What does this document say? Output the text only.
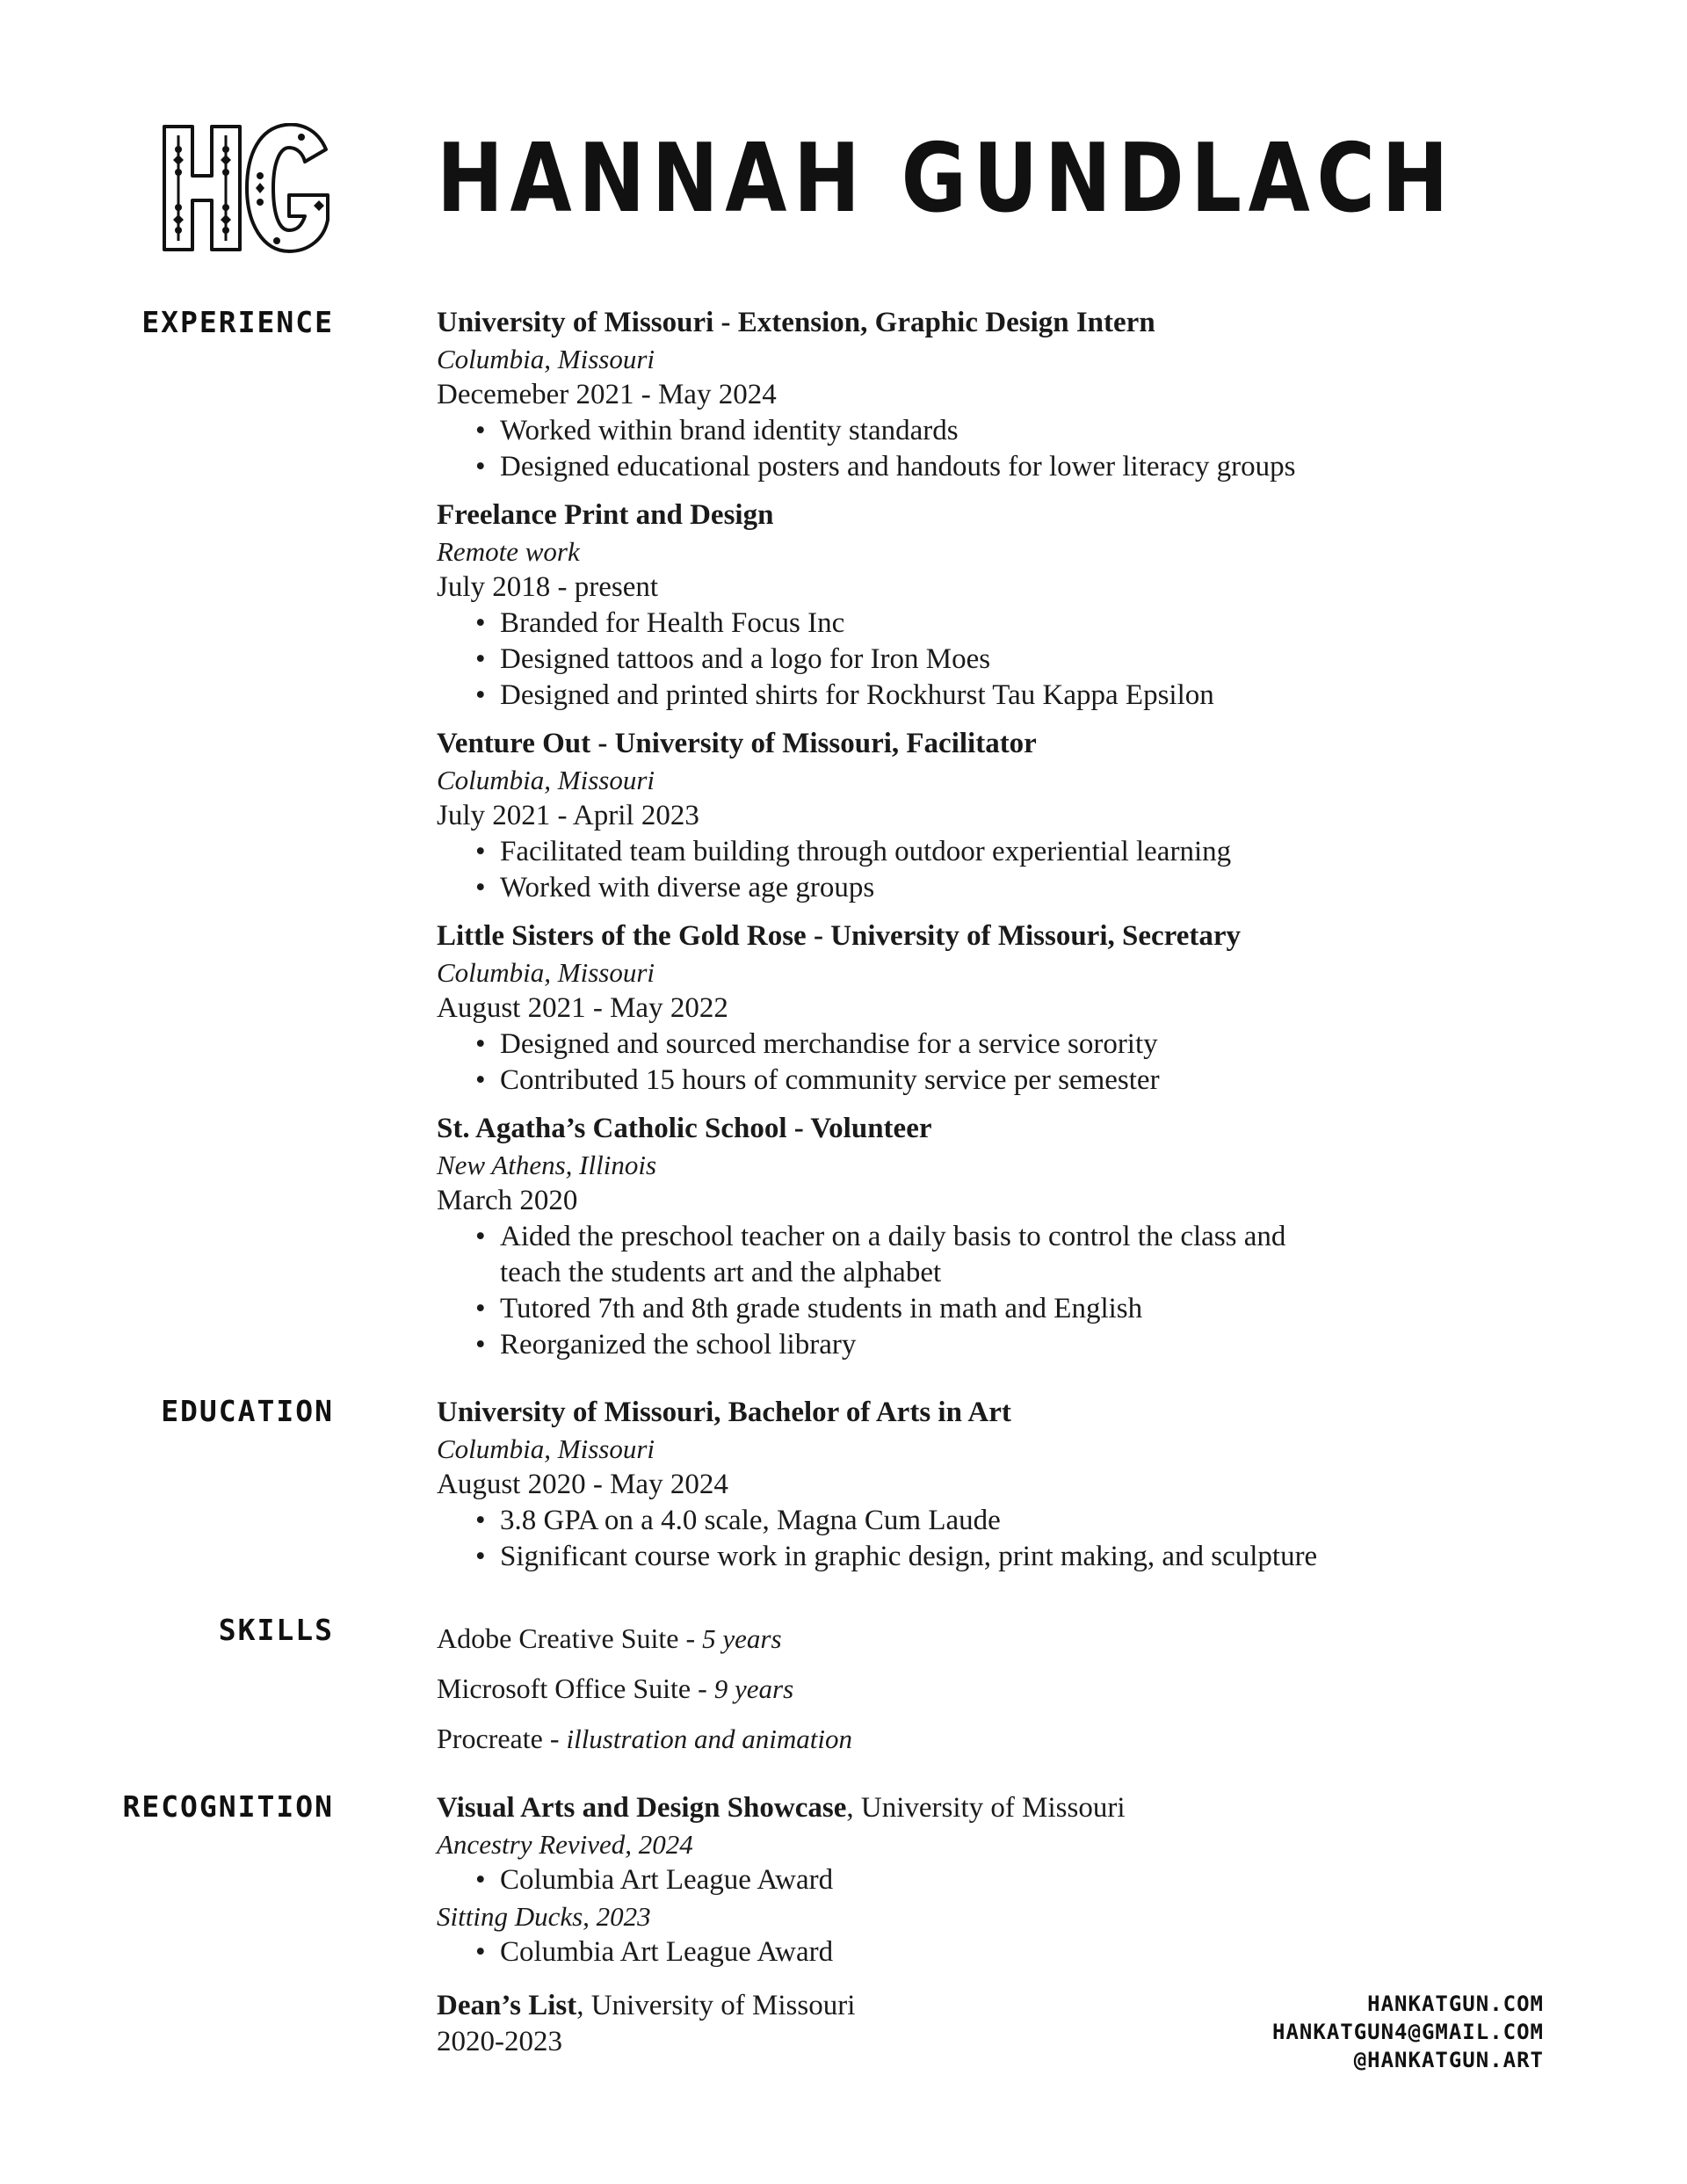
HG
HANNAH GUNDLACH
EXPERIENCE
EDUCATION
SKILLS
RECOGNITION
University of Missouri - Extension, Graphic Design Intern
Columbia, Missouri
Decemeber 2021 - May 2024
• Worked within brand identity standards
• Designed educational posters and handouts for lower literacy groups
Freelance Print and Design
Remote work
July 2018 - present
• Branded for Health Focus Inc
• Designed tattoos and a logo for Iron Moes
• Designed and printed shirts for Rockhurst Tau Kappa Epsilon
Venture Out - University of Missouri, Facilitator
Columbia, Missouri
July 2021 - April 2023
• Facilitated team building through outdoor experiential learning
• Worked with diverse age groups
Little Sisters of the Gold Rose - University of Missouri, Secretary
Columbia, Missouri
August 2021 - May 2022
• Designed and sourced merchandise for a service sorority
• Contributed 15 hours of community service per semester
St. Agatha’s Catholic School - Volunteer
New Athens, Illinois
March 2020
• Aided the preschool teacher on a daily basis to control the class and teach the students art and the alphabet
• Tutored 7th and 8th grade students in math and English
• Reorganized the school library
University of Missouri, Bachelor of Arts in Art
Columbia, Missouri
August 2020 - May 2024
• 3.8 GPA on a 4.0 scale, Magna Cum Laude
• Significant course work in graphic design, print making, and sculpture
Adobe Creative Suite - 5 years
Microsoft Office Suite - 9 years
Procreate - illustration and animation
Visual Arts and Design Showcase, University of Missouri
Ancestry Revived, 2024
• Columbia Art League Award
Sitting Ducks, 2023
• Columbia Art League Award
Dean’s List, University of Missouri
2020-2023
HANKATGUN.COM
HANKATGUN4@GMAIL.COM
@HANKATGUN.ART
